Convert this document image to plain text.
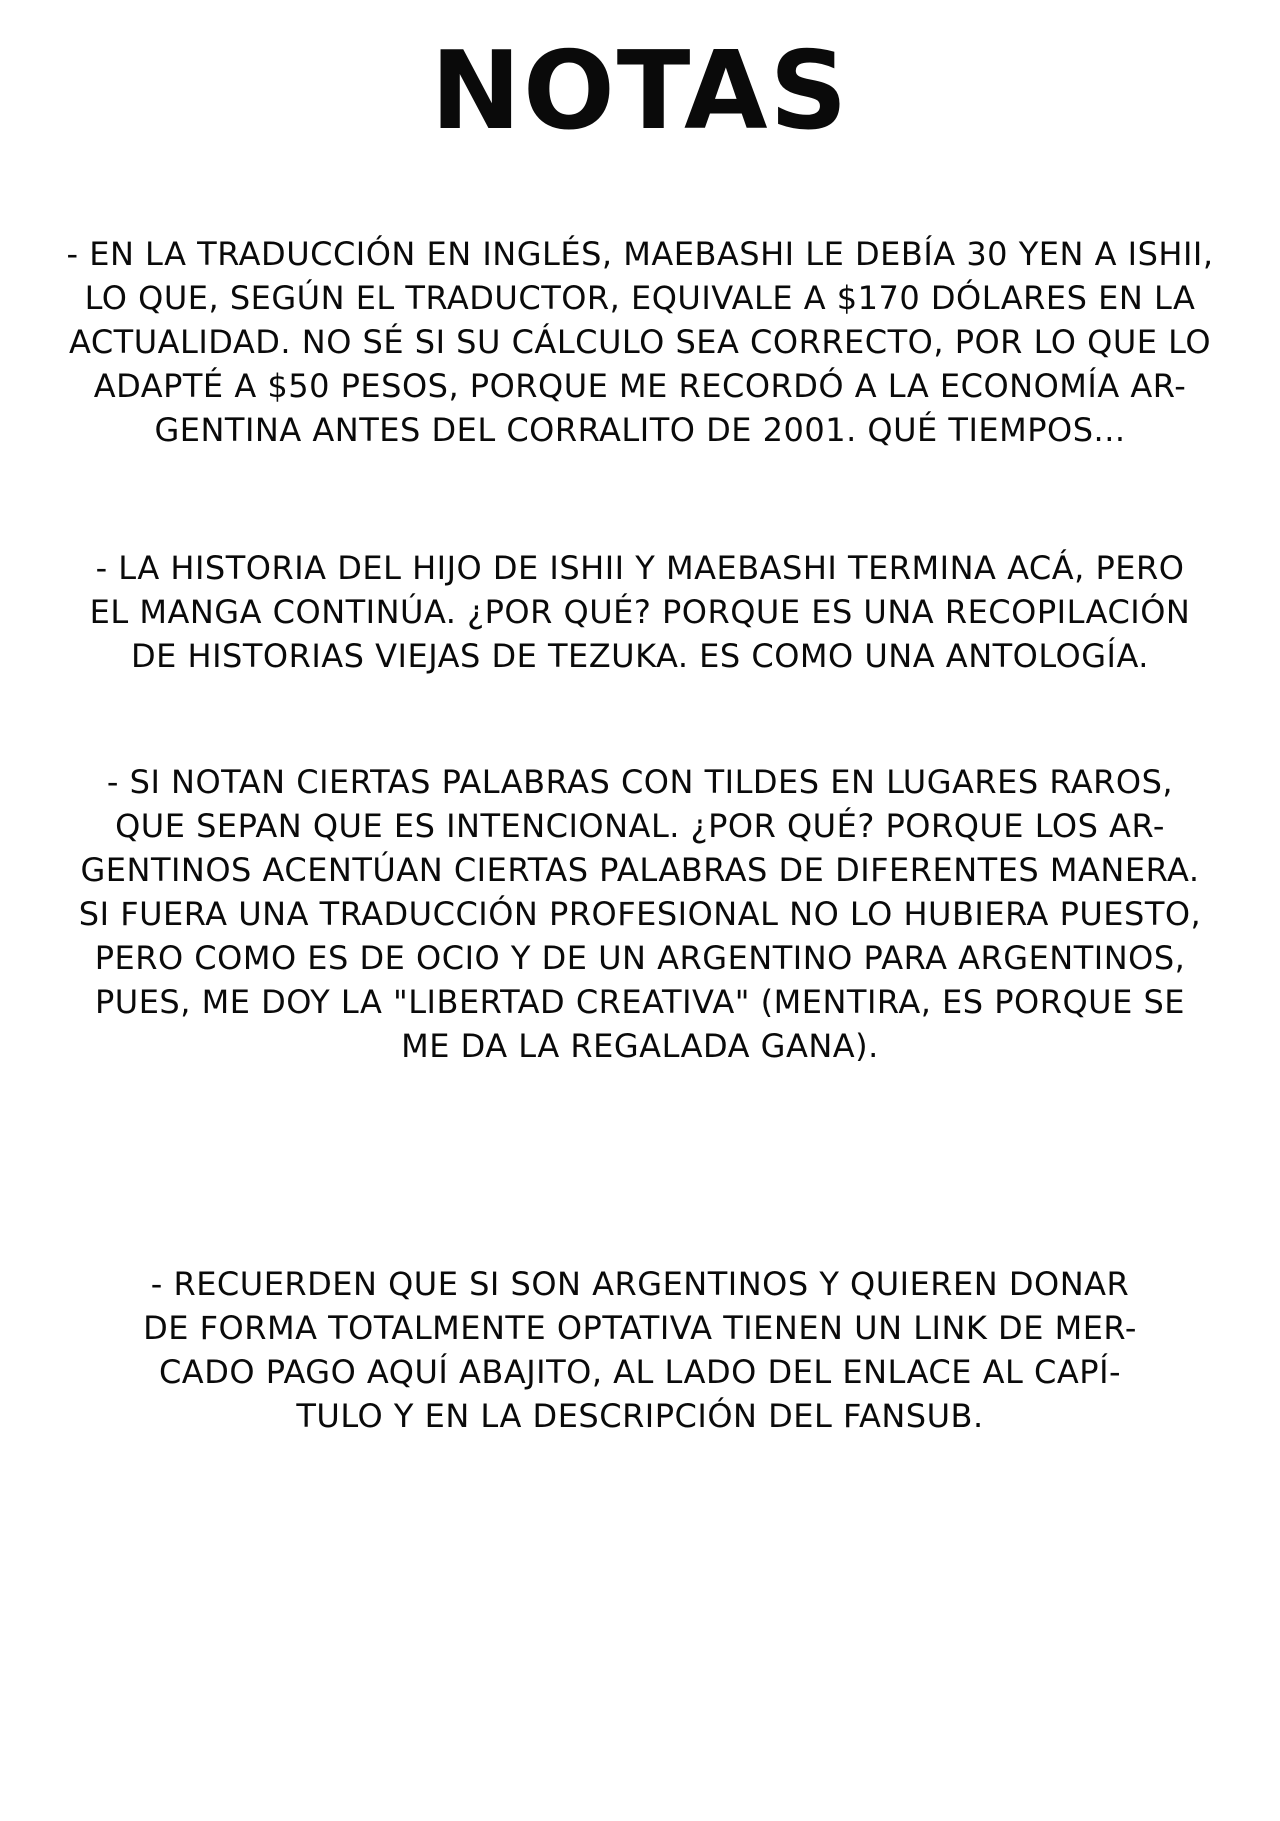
NOTAS

- EN LA TRADUCCIÓN EN INGLÉS, MAEBASHI LE DEBÍA 30 YEN A ISHII,
LO QUE, SEGÚN EL TRADUCTOR, EQUIVALE A $170 DÓLARES EN LA
ACTUALIDAD. NO SÉ SI SU CÁLCULO SEA CORRECTO, POR LO QUE LO
ADAPTÉ A $50 PESOS, PORQUE ME RECORDÓ A LA ECONOMÍA AR-
GENTINA ANTES DEL CORRALITO DE 2001. QUÉ TIEMPOS...

- LA HISTORIA DEL HIJO DE ISHII Y MAEBASHI TERMINA ACÁ, PERO
EL MANGA CONTINÚA. ¿POR QUÉ? PORQUE ES UNA RECOPILACIÓN
DE HISTORIAS VIEJAS DE TEZUKA. ES COMO UNA ANTOLOGÍA.

- SI NOTAN CIERTAS PALABRAS CON TILDES EN LUGARES RAROS,
QUE SEPAN QUE ES INTENCIONAL. ¿POR QUÉ? PORQUE LOS AR-
GENTINOS ACENTÚAN CIERTAS PALABRAS DE DIFERENTES MANERA.
SI FUERA UNA TRADUCCIÓN PROFESIONAL NO LO HUBIERA PUESTO,
PERO COMO ES DE OCIO Y DE UN ARGENTINO PARA ARGENTINOS,
PUES, ME DOY LA "LIBERTAD CREATIVA" (MENTIRA, ES PORQUE SE
ME DA LA REGALADA GANA).

- RECUERDEN QUE SI SON ARGENTINOS Y QUIEREN DONAR
DE FORMA TOTALMENTE OPTATIVA TIENEN UN LINK DE MER-
CADO PAGO AQUÍ ABAJITO, AL LADO DEL ENLACE AL CAPÍ-
TULO Y EN LA DESCRIPCIÓN DEL FANSUB.
